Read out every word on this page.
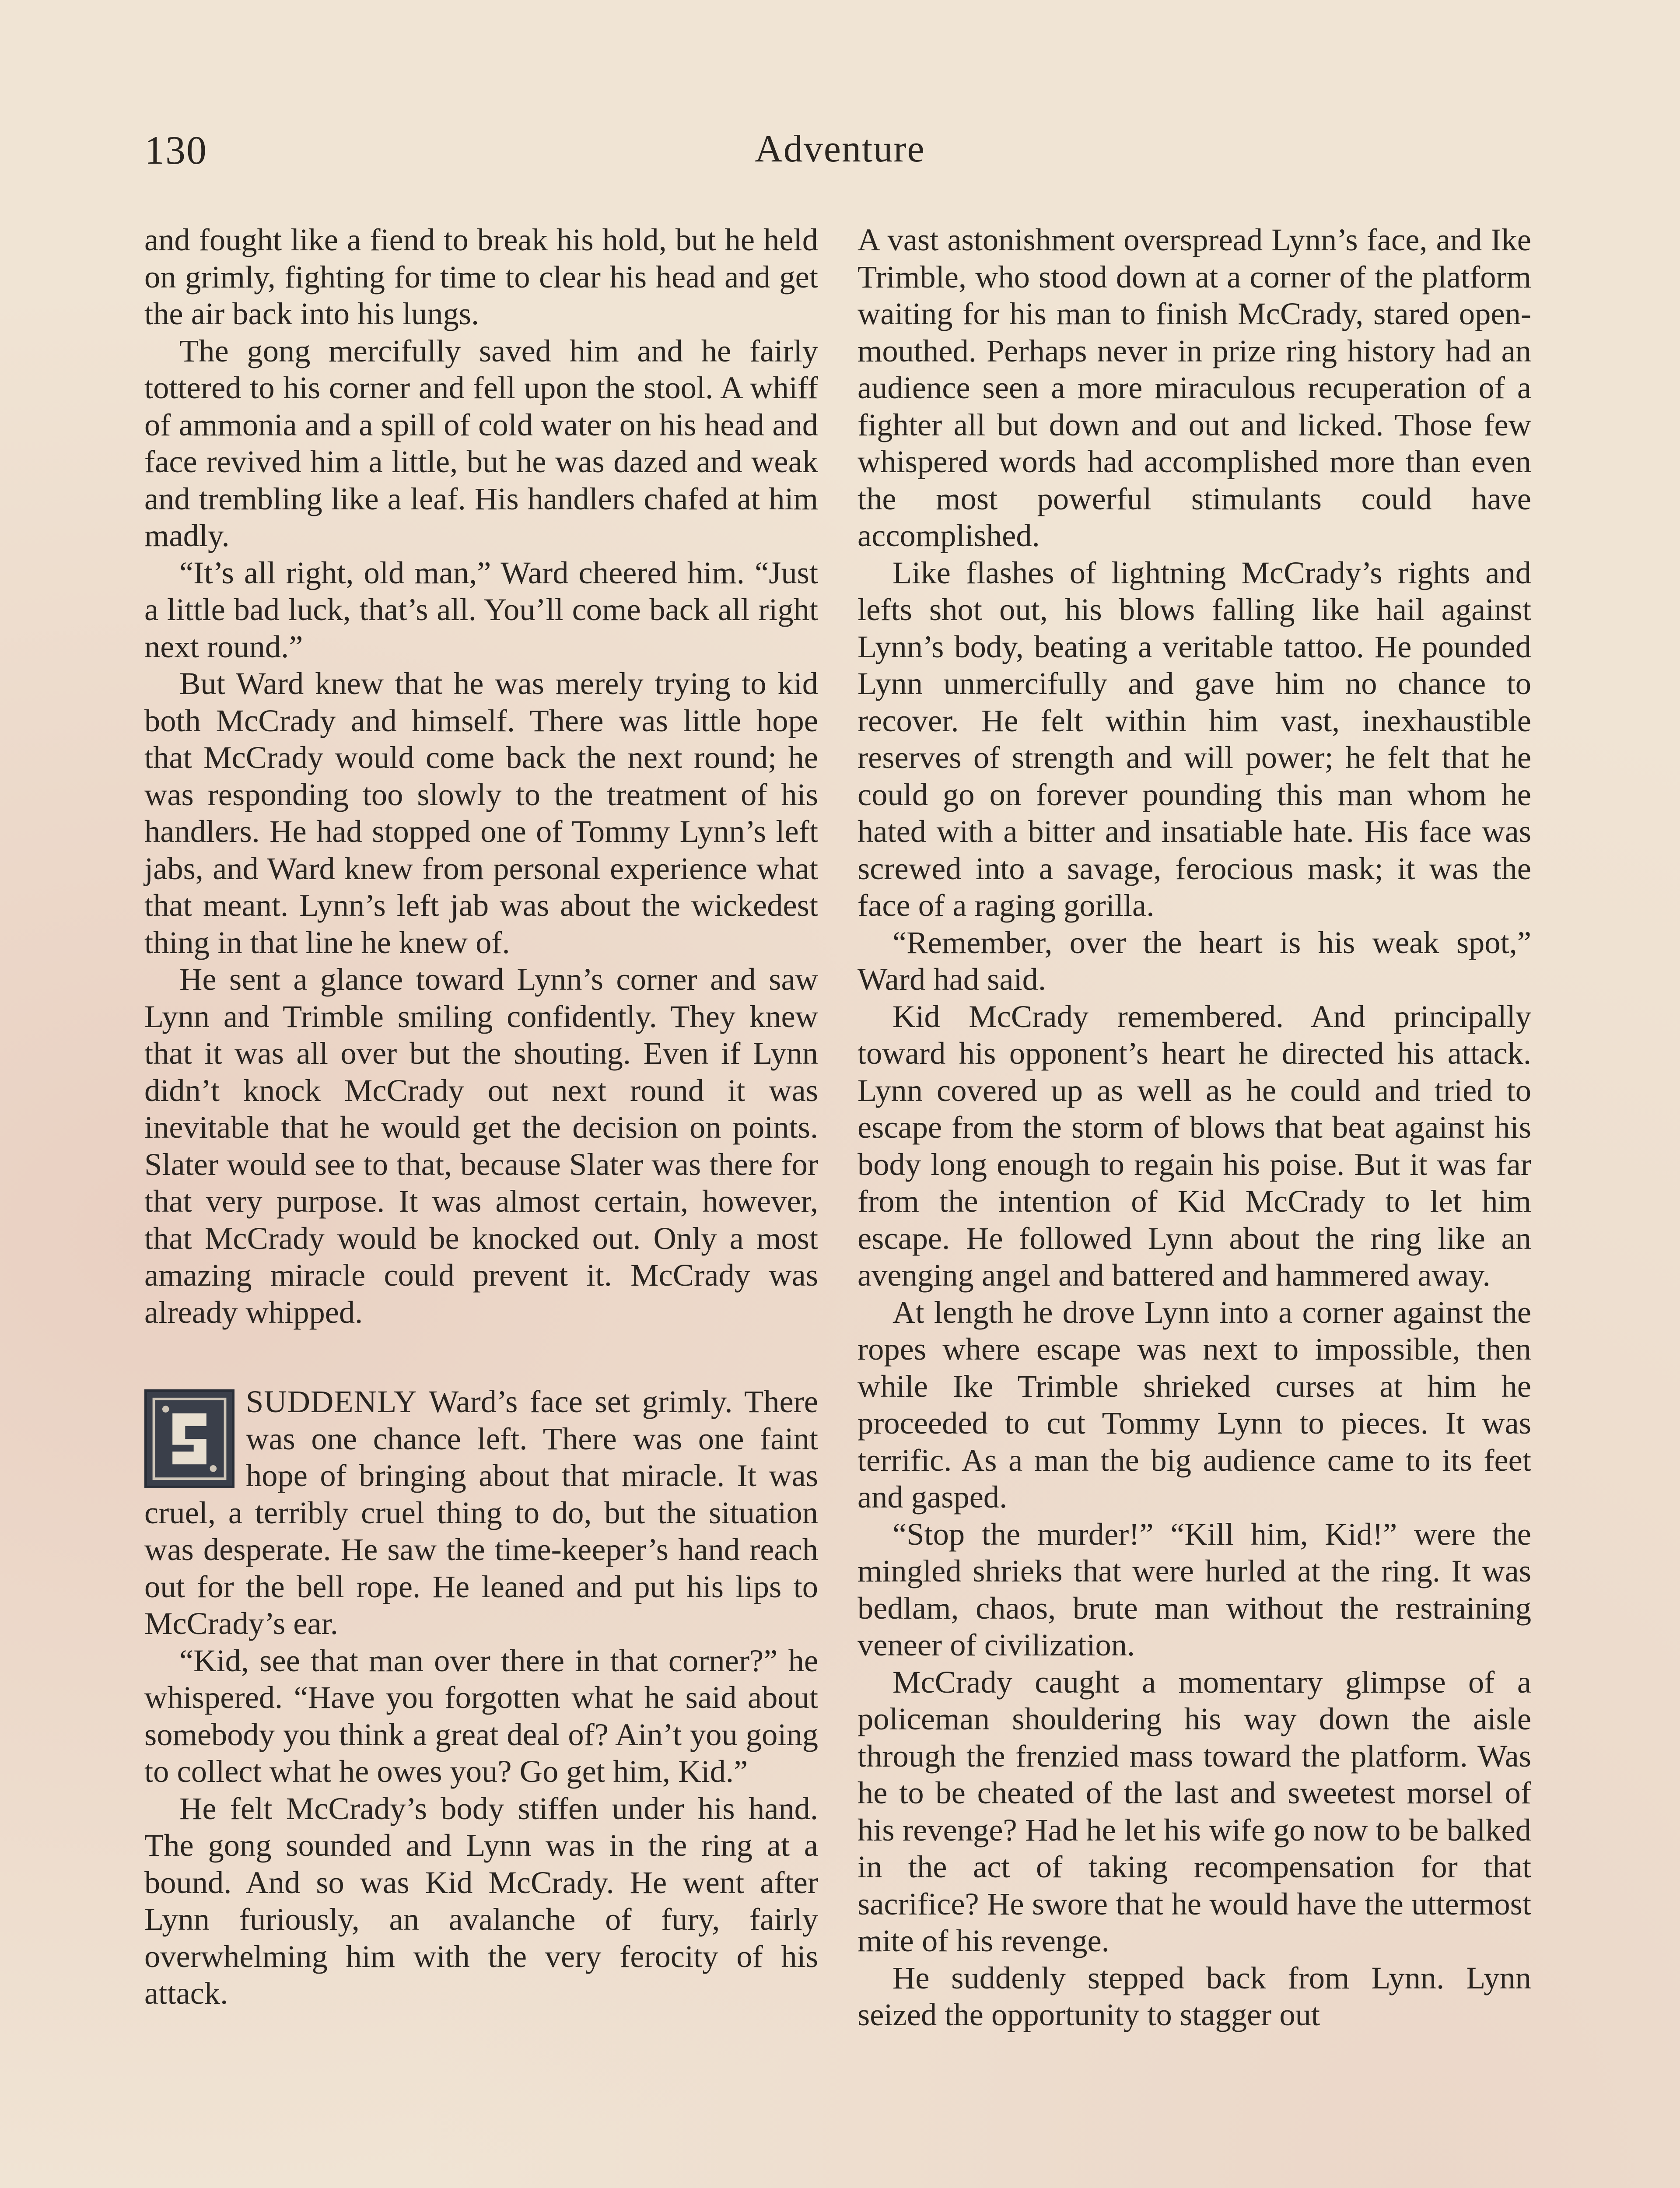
130	Adventure

and fought like a fiend to break his hold, but he held on grimly, fighting for time to clear his head and get the air back into his lungs.

The gong mercifully saved him and he fairly tottered to his corner and fell upon the stool. A whiff of ammonia and a spill of cold water on his head and face revived him a little, but he was dazed and weak and trembling like a leaf. His handlers chafed at him madly.

“It’s all right, old man,” Ward cheered him. “Just a little bad luck, that’s all. You’ll come back all right next round.”

But Ward knew that he was merely trying to kid both McCrady and himself. There was little hope that McCrady would come back the next round; he was responding too slowly to the treatment of his handlers. He had stopped one of Tommy Lynn’s left jabs, and Ward knew from personal experience what that meant. Lynn’s left jab was about the wickedest thing in that line he knew of.

He sent a glance toward Lynn’s corner and saw Lynn and Trimble smiling confidently. They knew that it was all over but the shouting. Even if Lynn didn’t knock McCrady out next round it was inevitable that he would get the decision on points. Slater would see to that, because Slater was there for that very purpose. It was almost certain, however, that McCrady would be knocked out. Only a most amazing miracle could prevent it. McCrady was already whipped.

SUDDENLY Ward’s face set grimly. There was one chance left. There was one faint hope of bringing about that miracle. It was cruel, a terribly cruel thing to do, but the situation was desperate. He saw the time-keeper’s hand reach out for the bell rope. He leaned and put his lips to McCrady’s ear.

“Kid, see that man over there in that corner?” he whispered. “Have you forgotten what he said about somebody you think a great deal of? Ain’t you going to collect what he owes you? Go get him, Kid.”

He felt McCrady’s body stiffen under his hand. The gong sounded and Lynn was in the ring at a bound. And so was Kid McCrady. He went after Lynn furiously, an avalanche of fury, fairly overwhelming him with the very ferocity of his attack.

A vast astonishment overspread Lynn’s face, and Ike Trimble, who stood down at a corner of the platform waiting for his man to finish McCrady, stared open-mouthed. Perhaps never in prize ring history had an audience seen a more miraculous recuperation of a fighter all but down and out and licked. Those few whispered words had accomplished more than even the most powerful stimulants could have accomplished.

Like flashes of lightning McCrady’s rights and lefts shot out, his blows falling like hail against Lynn’s body, beating a veritable tattoo. He pounded Lynn unmercifully and gave him no chance to recover. He felt within him vast, inexhaustible reserves of strength and will power; he felt that he could go on forever pounding this man whom he hated with a bitter and insatiable hate. His face was screwed into a savage, ferocious mask; it was the face of a raging gorilla.

“Remember, over the heart is his weak spot,” Ward had said.

Kid McCrady remembered. And principally toward his opponent’s heart he directed his attack. Lynn covered up as well as he could and tried to escape from the storm of blows that beat against his body long enough to regain his poise. But it was far from the intention of Kid McCrady to let him escape. He followed Lynn about the ring like an avenging angel and battered and hammered away.

At length he drove Lynn into a corner against the ropes where escape was next to impossible, then while Ike Trimble shrieked curses at him he proceeded to cut Tommy Lynn to pieces. It was terrific. As a man the big audience came to its feet and gasped.

“Stop the murder!” “Kill him, Kid!” were the mingled shrieks that were hurled at the ring. It was bedlam, chaos, brute man without the restraining veneer of civilization.

McCrady caught a momentary glimpse of a policeman shouldering his way down the aisle through the frenzied mass toward the platform. Was he to be cheated of the last and sweetest morsel of his revenge? Had he let his wife go now to be balked in the act of taking recompensation for that sacrifice? He swore that he would have the uttermost mite of his revenge.

He suddenly stepped back from Lynn. Lynn seized the opportunity to stagger out
